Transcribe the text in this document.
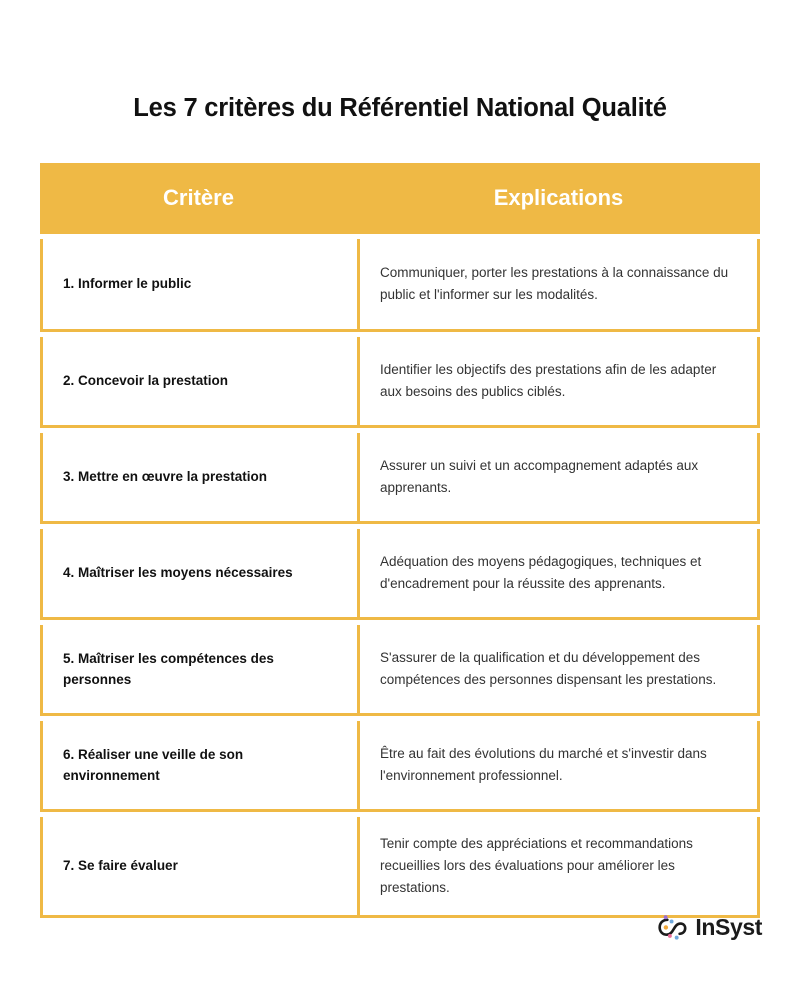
Les 7 critères du Référentiel National Qualité
Critère	Explications
1. Informer le public
Communiquer, porter les prestations à la connaissance du public et l'informer sur les modalités.
2. Concevoir la prestation
Identifier les objectifs des prestations afin de les adapter aux besoins des publics ciblés.
3. Mettre en œuvre la prestation
Assurer un suivi et un accompagnement adaptés aux apprenants.
4. Maîtriser les moyens nécessaires
Adéquation des moyens pédagogiques, techniques et d'encadrement pour la réussite des apprenants.
5. Maîtriser les compétences des personnes
S'assurer de la qualification et du développement des compétences des personnes dispensant les prestations.
6. Réaliser une veille de son environnement
Être au fait des évolutions du marché et s'investir dans l'environnement professionnel.
7. Se faire évaluer
Tenir compte des appréciations et recommandations recueillies lors des évaluations pour améliorer les prestations.
InSyst
